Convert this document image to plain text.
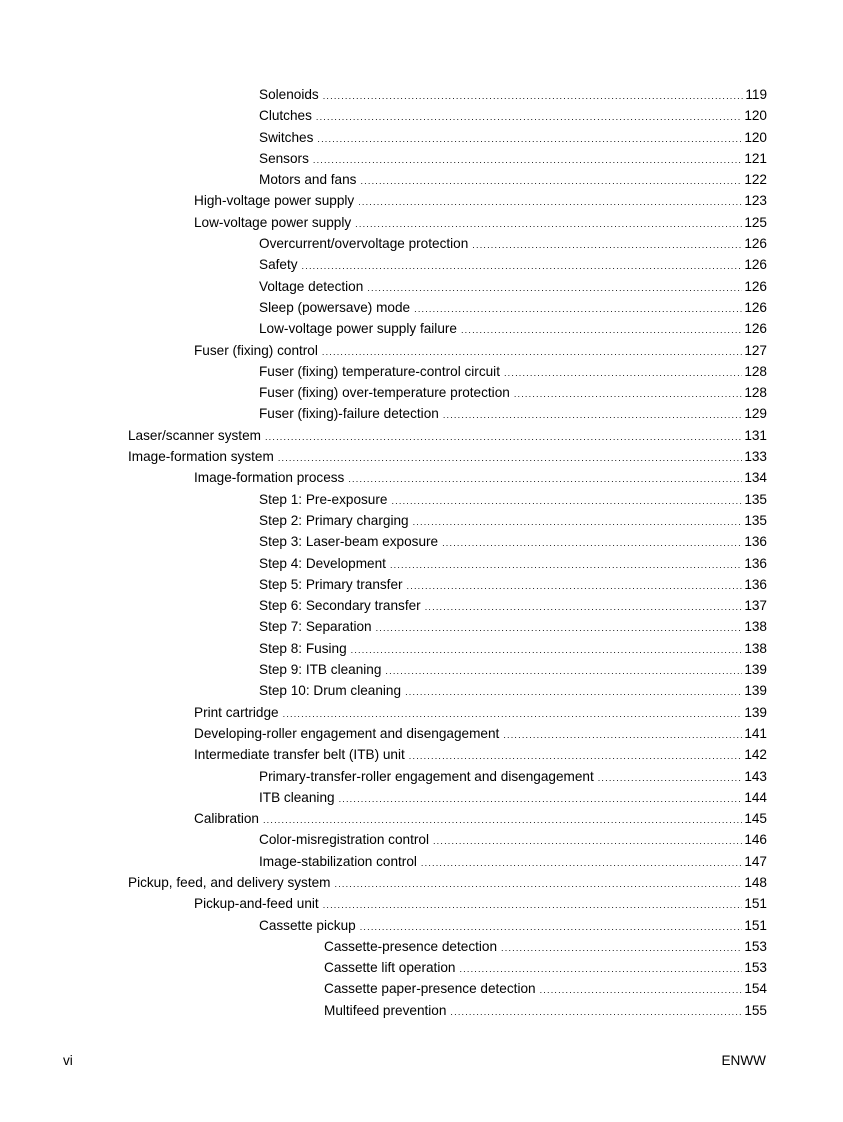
Solenoids .....	119
Clutches .....	120
Switches .....	120
Sensors .....	121
Motors and fans .....	122
High-voltage power supply .....	123
Low-voltage power supply .....	125
Overcurrent/overvoltage protection .....	126
Safety .....	126
Voltage detection .....	126
Sleep (powersave) mode .....	126
Low-voltage power supply failure .....	126
Fuser (fixing) control .....	127
Fuser (fixing) temperature-control circuit .....	128
Fuser (fixing) over-temperature protection .....	128
Fuser (fixing)-failure detection .....	129
Laser/scanner system .....	131
Image-formation system .....	133
Image-formation process .....	134
Step 1: Pre-exposure .....	135
Step 2: Primary charging .....	135
Step 3: Laser-beam exposure .....	136
Step 4: Development .....	136
Step 5: Primary transfer .....	136
Step 6: Secondary transfer .....	137
Step 7: Separation .....	138
Step 8: Fusing .....	138
Step 9: ITB cleaning .....	139
Step 10: Drum cleaning .....	139
Print cartridge .....	139
Developing-roller engagement and disengagement .....	141
Intermediate transfer belt (ITB) unit .....	142
Primary-transfer-roller engagement and disengagement .....	143
ITB cleaning .....	144
Calibration .....	145
Color-misregistration control .....	146
Image-stabilization control .....	147
Pickup, feed, and delivery system .....	148
Pickup-and-feed unit .....	151
Cassette pickup .....	151
Cassette-presence detection .....	153
Cassette lift operation .....	153
Cassette paper-presence detection .....	154
Multifeed prevention .....	155
vi	ENWW
